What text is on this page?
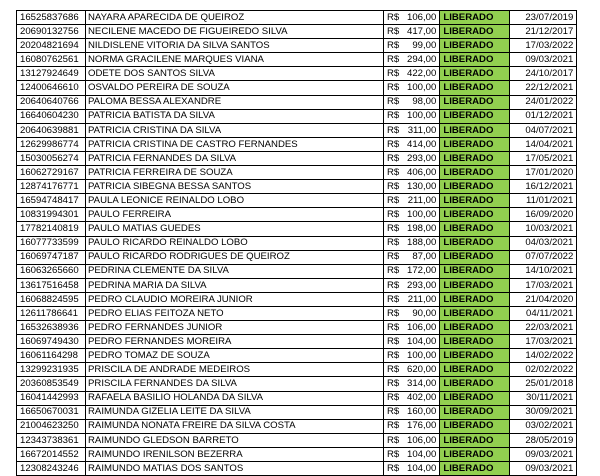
16525837686	NAYARA APARECIDA DE QUEIROZ	R$	106,00	LIBERADO	23/07/2019
20690132756	NECILENE MACEDO DE FIGUEIREDO SILVA	R$	417,00	LIBERADO	21/12/2017
20204821694	NILDISLENE VITORIA DA SILVA SANTOS	R$	99,00	LIBERADO	17/03/2022
16080762561	NORMA GRACILENE MARQUES VIANA	R$	294,00	LIBERADO	09/03/2021
13127924649	ODETE DOS SANTOS SILVA	R$	422,00	LIBERADO	24/10/2017
12400646610	OSVALDO PEREIRA DE SOUZA	R$	100,00	LIBERADO	22/12/2021
20640640766	PALOMA BESSA ALEXANDRE	R$	98,00	LIBERADO	24/01/2022
16640604230	PATRICIA BATISTA DA SILVA	R$	100,00	LIBERADO	01/12/2021
20640639881	PATRICIA CRISTINA DA SILVA	R$	311,00	LIBERADO	04/07/2021
12629986774	PATRICIA CRISTINA DE CASTRO FERNANDES	R$	414,00	LIBERADO	14/04/2021
15030056274	PATRICIA FERNANDES DA SILVA	R$	293,00	LIBERADO	17/05/2021
16062729167	PATRICIA FERREIRA DE SOUZA	R$	406,00	LIBERADO	17/01/2020
12874176771	PATRICIA SIBEGNA BESSA SANTOS	R$	130,00	LIBERADO	16/12/2021
16594748417	PAULA LEONICE REINALDO LOBO	R$	211,00	LIBERADO	11/01/2021
10831994301	PAULO FERREIRA	R$	100,00	LIBERADO	16/09/2020
17782140819	PAULO MATIAS GUEDES	R$	198,00	LIBERADO	10/03/2021
16077733599	PAULO RICARDO REINALDO LOBO	R$	188,00	LIBERADO	04/03/2021
16069747187	PAULO RICARDO RODRIGUES DE QUEIROZ	R$	87,00	LIBERADO	07/07/2022
16063265660	PEDRINA CLEMENTE DA SILVA	R$	172,00	LIBERADO	14/10/2021
13617516458	PEDRINA MARIA DA SILVA	R$	293,00	LIBERADO	17/03/2021
16068824595	PEDRO CLAUDIO MOREIRA JUNIOR	R$	211,00	LIBERADO	21/04/2020
12611786641	PEDRO ELIAS FEITOZA NETO	R$	90,00	LIBERADO	04/11/2021
16532638936	PEDRO FERNANDES JUNIOR	R$	106,00	LIBERADO	22/03/2021
16069749430	PEDRO FERNANDES MOREIRA	R$	104,00	LIBERADO	17/03/2021
16061164298	PEDRO TOMAZ DE SOUZA	R$	100,00	LIBERADO	14/02/2022
13299231935	PRISCILA DE ANDRADE MEDEIROS	R$	620,00	LIBERADO	02/02/2022
20360853549	PRISCILA FERNANDES DA SILVA	R$	314,00	LIBERADO	25/01/2018
16041442993	RAFAELA BASILIO HOLANDA DA SILVA	R$	402,00	LIBERADO	30/11/2021
16650670031	RAIMUNDA GIZELIA LEITE DA SILVA	R$	160,00	LIBERADO	30/09/2021
21004623250	RAIMUNDA NONATA FREIRE DA SILVA COSTA	R$	176,00	LIBERADO	03/02/2021
12343738361	RAIMUNDO GLEDSON BARRETO	R$	106,00	LIBERADO	28/05/2019
16672014552	RAIMUNDO IRENILSON BEZERRA	R$	104,00	LIBERADO	09/03/2021
12308243246	RAIMUNDO MATIAS DOS SANTOS	R$	104,00	LIBERADO	09/03/2021
